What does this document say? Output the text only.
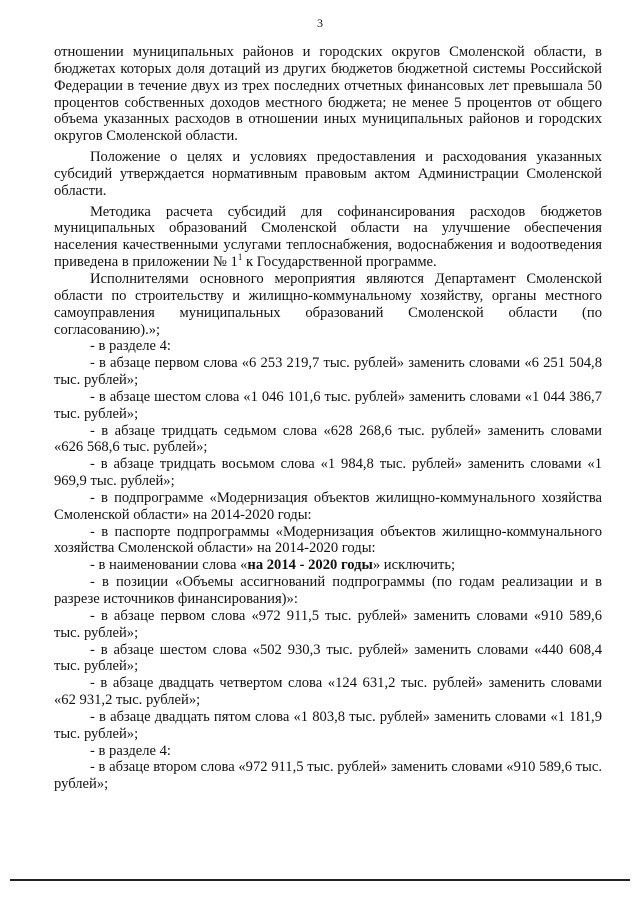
3

отношении муниципальных районов и городских округов Смоленской области, в бюджетах которых доля дотаций из других бюджетов бюджетной системы Российской Федерации в течение двух из трех последних отчетных финансовых лет превышала 50 процентов собственных доходов местного бюджета; не менее 5 процентов от общего объема указанных расходов в отношении иных муниципальных районов и городских округов Смоленской области.

Положение о целях и условиях предоставления и расходования указанных субсидий утверждается нормативным правовым актом Администрации Смоленской области.

Методика расчета субсидий для софинансирования расходов бюджетов муниципальных образований Смоленской области на улучшение обеспечения населения качественными услугами теплоснабжения, водоснабжения и водоотведения приведена в приложении № $1^1$ к Государственной программе.

Исполнителями основного мероприятия являются Департамент Смоленской области по строительству и жилищно-коммунальному хозяйству, органы местного самоуправления муниципальных образований Смоленской области (по согласованию).»;

- в разделе 4:

- в абзаце первом слова «6 253 219,7 тыс. рублей» заменить словами «6 251 504,8 тыс. рублей»;

- в абзаце шестом слова «1 046 101,6 тыс. рублей» заменить словами «1 044 386,7 тыс. рублей»;

- в абзаце тридцать седьмом слова «628 268,6 тыс. рублей» заменить словами «626 568,6 тыс. рублей»;

- в абзаце тридцать восьмом слова «1 984,8 тыс. рублей» заменить словами «1 969,9 тыс. рублей»;

- в подпрограмме «Модернизация объектов жилищно-коммунального хозяйства Смоленской области» на 2014-2020 годы:

- в паспорте подпрограммы «Модернизация объектов жилищно-коммунального хозяйства Смоленской области» на 2014-2020 годы:

- в наименовании слова «на 2014 - 2020 годы» исключить;

- в позиции «Объемы ассигнований подпрограммы (по годам реализации и в разрезе источников финансирования)»:

- в абзаце первом слова «972 911,5 тыс. рублей» заменить словами «910 589,6 тыс. рублей»;

- в абзаце шестом слова «502 930,3 тыс. рублей» заменить словами «440 608,4 тыс. рублей»;

- в абзаце двадцать четвертом слова «124 631,2 тыс. рублей» заменить словами «62 931,2 тыс. рублей»;

- в абзаце двадцать пятом слова «1 803,8 тыс. рублей» заменить словами «1 181,9 тыс. рублей»;

- в разделе 4:

- в абзаце втором слова «972 911,5 тыс. рублей» заменить словами «910 589,6 тыс. рублей»;
